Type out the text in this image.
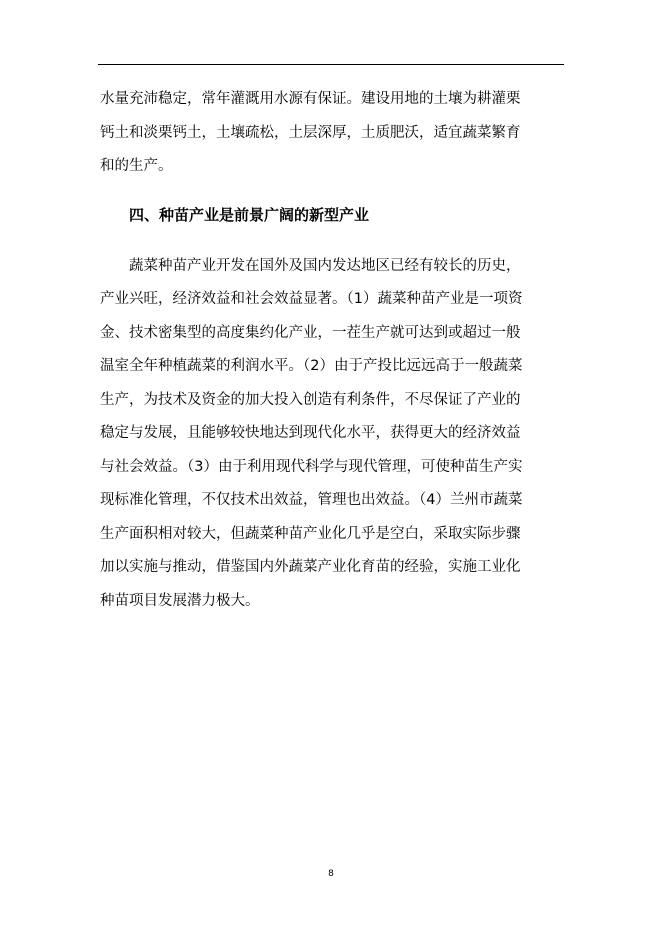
水量充沛稳定，常年灌溉用水源有保证。建设用地的土壤为耕灌栗
钙土和淡栗钙土，土壤疏松，土层深厚，土质肥沃，适宜蔬菜繁育
和的生产。
四、种苗产业是前景广阔的新型产业
蔬菜种苗产业开发在国外及国内发达地区已经有较长的历史，
产业兴旺，经济效益和社会效益显著。（1）蔬菜种苗产业是一项资
金、技术密集型的高度集约化产业，一茬生产就可达到或超过一般
温室全年种植蔬菜的利润水平。（2）由于产投比远远高于一般蔬菜
生产，为技术及资金的加大投入创造有利条件，不尽保证了产业的
稳定与发展，且能够较快地达到现代化水平，获得更大的经济效益
与社会效益。（3）由于利用现代科学与现代管理，可使种苗生产实
现标准化管理，不仅技术出效益，管理也出效益。（4）兰州市蔬菜
生产面积相对较大，但蔬菜种苗产业化几乎是空白，采取实际步骤
加以实施与推动，借鉴国内外蔬菜产业化育苗的经验，实施工业化
种苗项目发展潜力极大。
8
